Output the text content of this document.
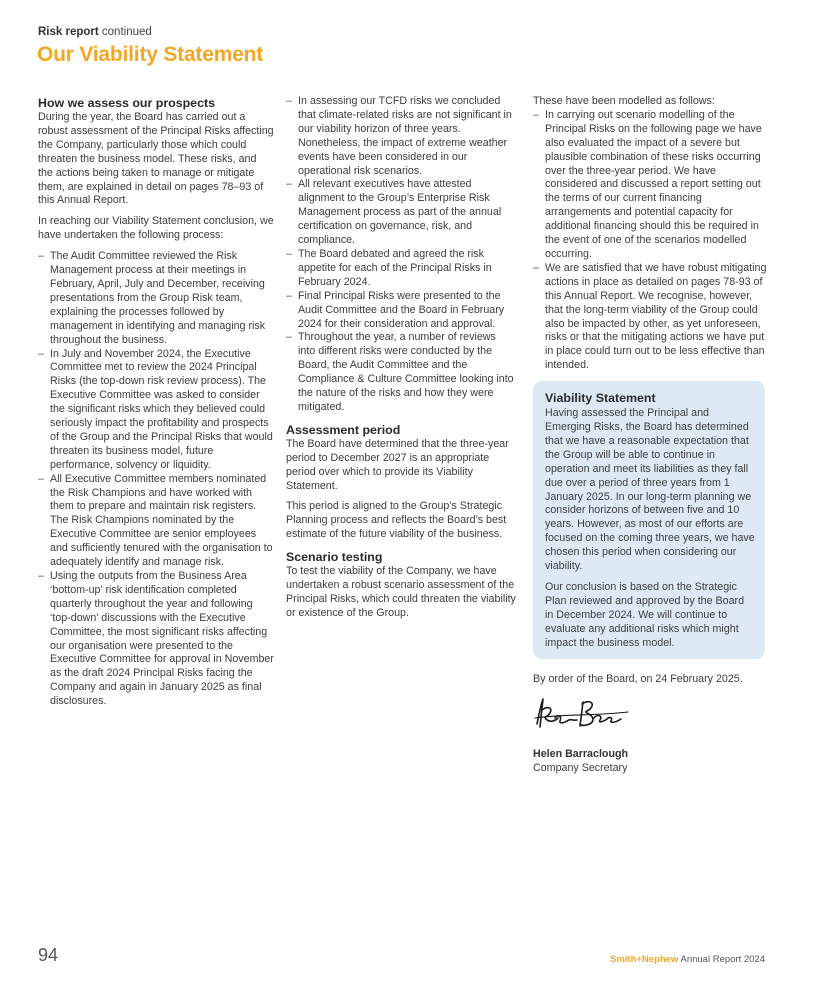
Risk report continued
Our Viability Statement
How we assess our prospects

During the year, the Board has carried out a robust assessment of the Principal Risks affecting the Company, particularly those which could threaten the business model. These risks, and the actions being taken to manage or mitigate them, are explained in detail on pages 78–93 of this Annual Report.

In reaching our Viability Statement conclusion, we have undertaken the following process:

– The Audit Committee reviewed the Risk Management process at their meetings in February, April, July and December, receiving presentations from the Group Risk team, explaining the processes followed by management in identifying and managing risk throughout the business.
– In July and November 2024, the Executive Committee met to review the 2024 Principal Risks (the top-down risk review process). The Executive Committee was asked to consider the significant risks which they believed could seriously impact the profitability and prospects of the Group and the Principal Risks that would threaten its business model, future performance, solvency or liquidity.
– All Executive Committee members nominated the Risk Champions and have worked with them to prepare and maintain risk registers. The Risk Champions nominated by the Executive Committee are senior employees and sufficiently tenured with the organisation to adequately identify and manage risk.
– Using the outputs from the Business Area ‘bottom-up’ risk identification completed quarterly throughout the year and following ‘top-down’ discussions with the Executive Committee, the most significant risks affecting our organisation were presented to the Executive Committee for approval in November as the draft 2024 Principal Risks facing the Company and again in January 2025 as final disclosures.
– In assessing our TCFD risks we concluded that climate-related risks are not significant in our viability horizon of three years. Nonetheless, the impact of extreme weather events have been considered in our operational risk scenarios.
– All relevant executives have attested alignment to the Group’s Enterprise Risk Management process as part of the annual certification on governance, risk, and compliance.
– The Board debated and agreed the risk appetite for each of the Principal Risks in February 2024.
– Final Principal Risks were presented to the Audit Committee and the Board in February 2024 for their consideration and approval.
– Throughout the year, a number of reviews into different risks were conducted by the Board, the Audit Committee and the Compliance & Culture Committee looking into the nature of the risks and how they were mitigated.
Assessment period

The Board have determined that the three-year period to December 2027 is an appropriate period over which to provide its Viability Statement.

This period is aligned to the Group’s Strategic Planning process and reflects the Board’s best estimate of the future viability of the business.

Scenario testing

To test the viability of the Company, we have undertaken a robust scenario assessment of the Principal Risks, which could threaten the viability or existence of the Group.

These have been modelled as follows:

– In carrying out scenario modelling of the Principal Risks on the following page we have also evaluated the impact of a severe but plausible combination of these risks occurring over the three-year period. We have considered and discussed a report setting out the terms of our current financing arrangements and potential capacity for additional financing should this be required in the event of one of the scenarios modelled occurring.
– We are satisfied that we have robust mitigating actions in place as detailed on pages 78-93 of this Annual Report. We recognise, however, that the long-term viability of the Group could also be impacted by other, as yet unforeseen, risks or that the mitigating actions we have put in place could turn out to be less effective than intended.
Viability Statement

Having assessed the Principal and Emerging Risks, the Board has determined that we have a reasonable expectation that the Group will be able to continue in operation and meet its liabilities as they fall due over a period of three years from 1 January 2025. In our long-term planning we consider horizons of between five and 10 years. However, as most of our efforts are focused on the coming three years, we have chosen this period when considering our viability.

Our conclusion is based on the Strategic Plan reviewed and approved by the Board in December 2024. We will continue to evaluate any additional risks which might impact the business model.

By order of the Board, on 24 February 2025.
Helen Barraclough
Company Secretary
94	Smith+Nephew Annual Report 2024
